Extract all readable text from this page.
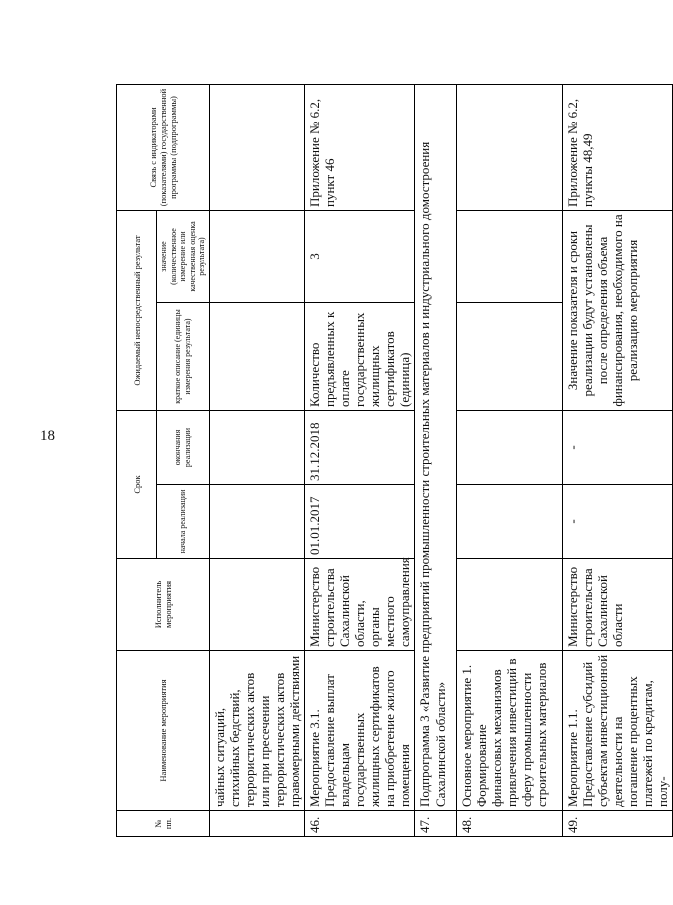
18
№ пп.	Наименование мероприятия	Исполнитель мероприятия	Срок		Ожидаемый непосредственный результат		Связь с индикаторами (показателями) государственной программы (подпрограммы)
			начала реализации	окончания реализации	краткое описание (единицы измерения результата)	значение (количественное измерение или качественная оценка результата)	
	чайных ситуаций, стихийных бедствий, террористических актов или при пресечении террористических актов правомерными действиями						
46.	Мероприятие 3.1. Предоставление выплат владельцам государственных жилищных сертификатов на приобретение жилого помещения	Министерство строительства Сахалинской области, органы местного самоуправления	01.01.2017	31.12.2018	Количество предъявленных к оплате государственных жилищных сертификатов (единица)	3	Приложение № 6.2, пункт 46
47.	Подпрограмма 3 «Развитие предприятий промышленности строительных материалов и индустриального домостроения Сахалинской области»						
48.	Основное мероприятие 1. Формирование финансовых механизмов привлечения инвестиций в сферу промышленности строительных материалов						
49.	Мероприятие 1.1. Предоставление субсидий субъектам инвестиционной деятельности на погашение процентных платежей по кредитам, полу-	Министерство строительства Сахалинской области	-	-	Значение показателя и сроки реализации будут установлены после определения объема финансирования, необходимого на реализацию мероприятия		Приложение № 6.2, пункты 48,49
